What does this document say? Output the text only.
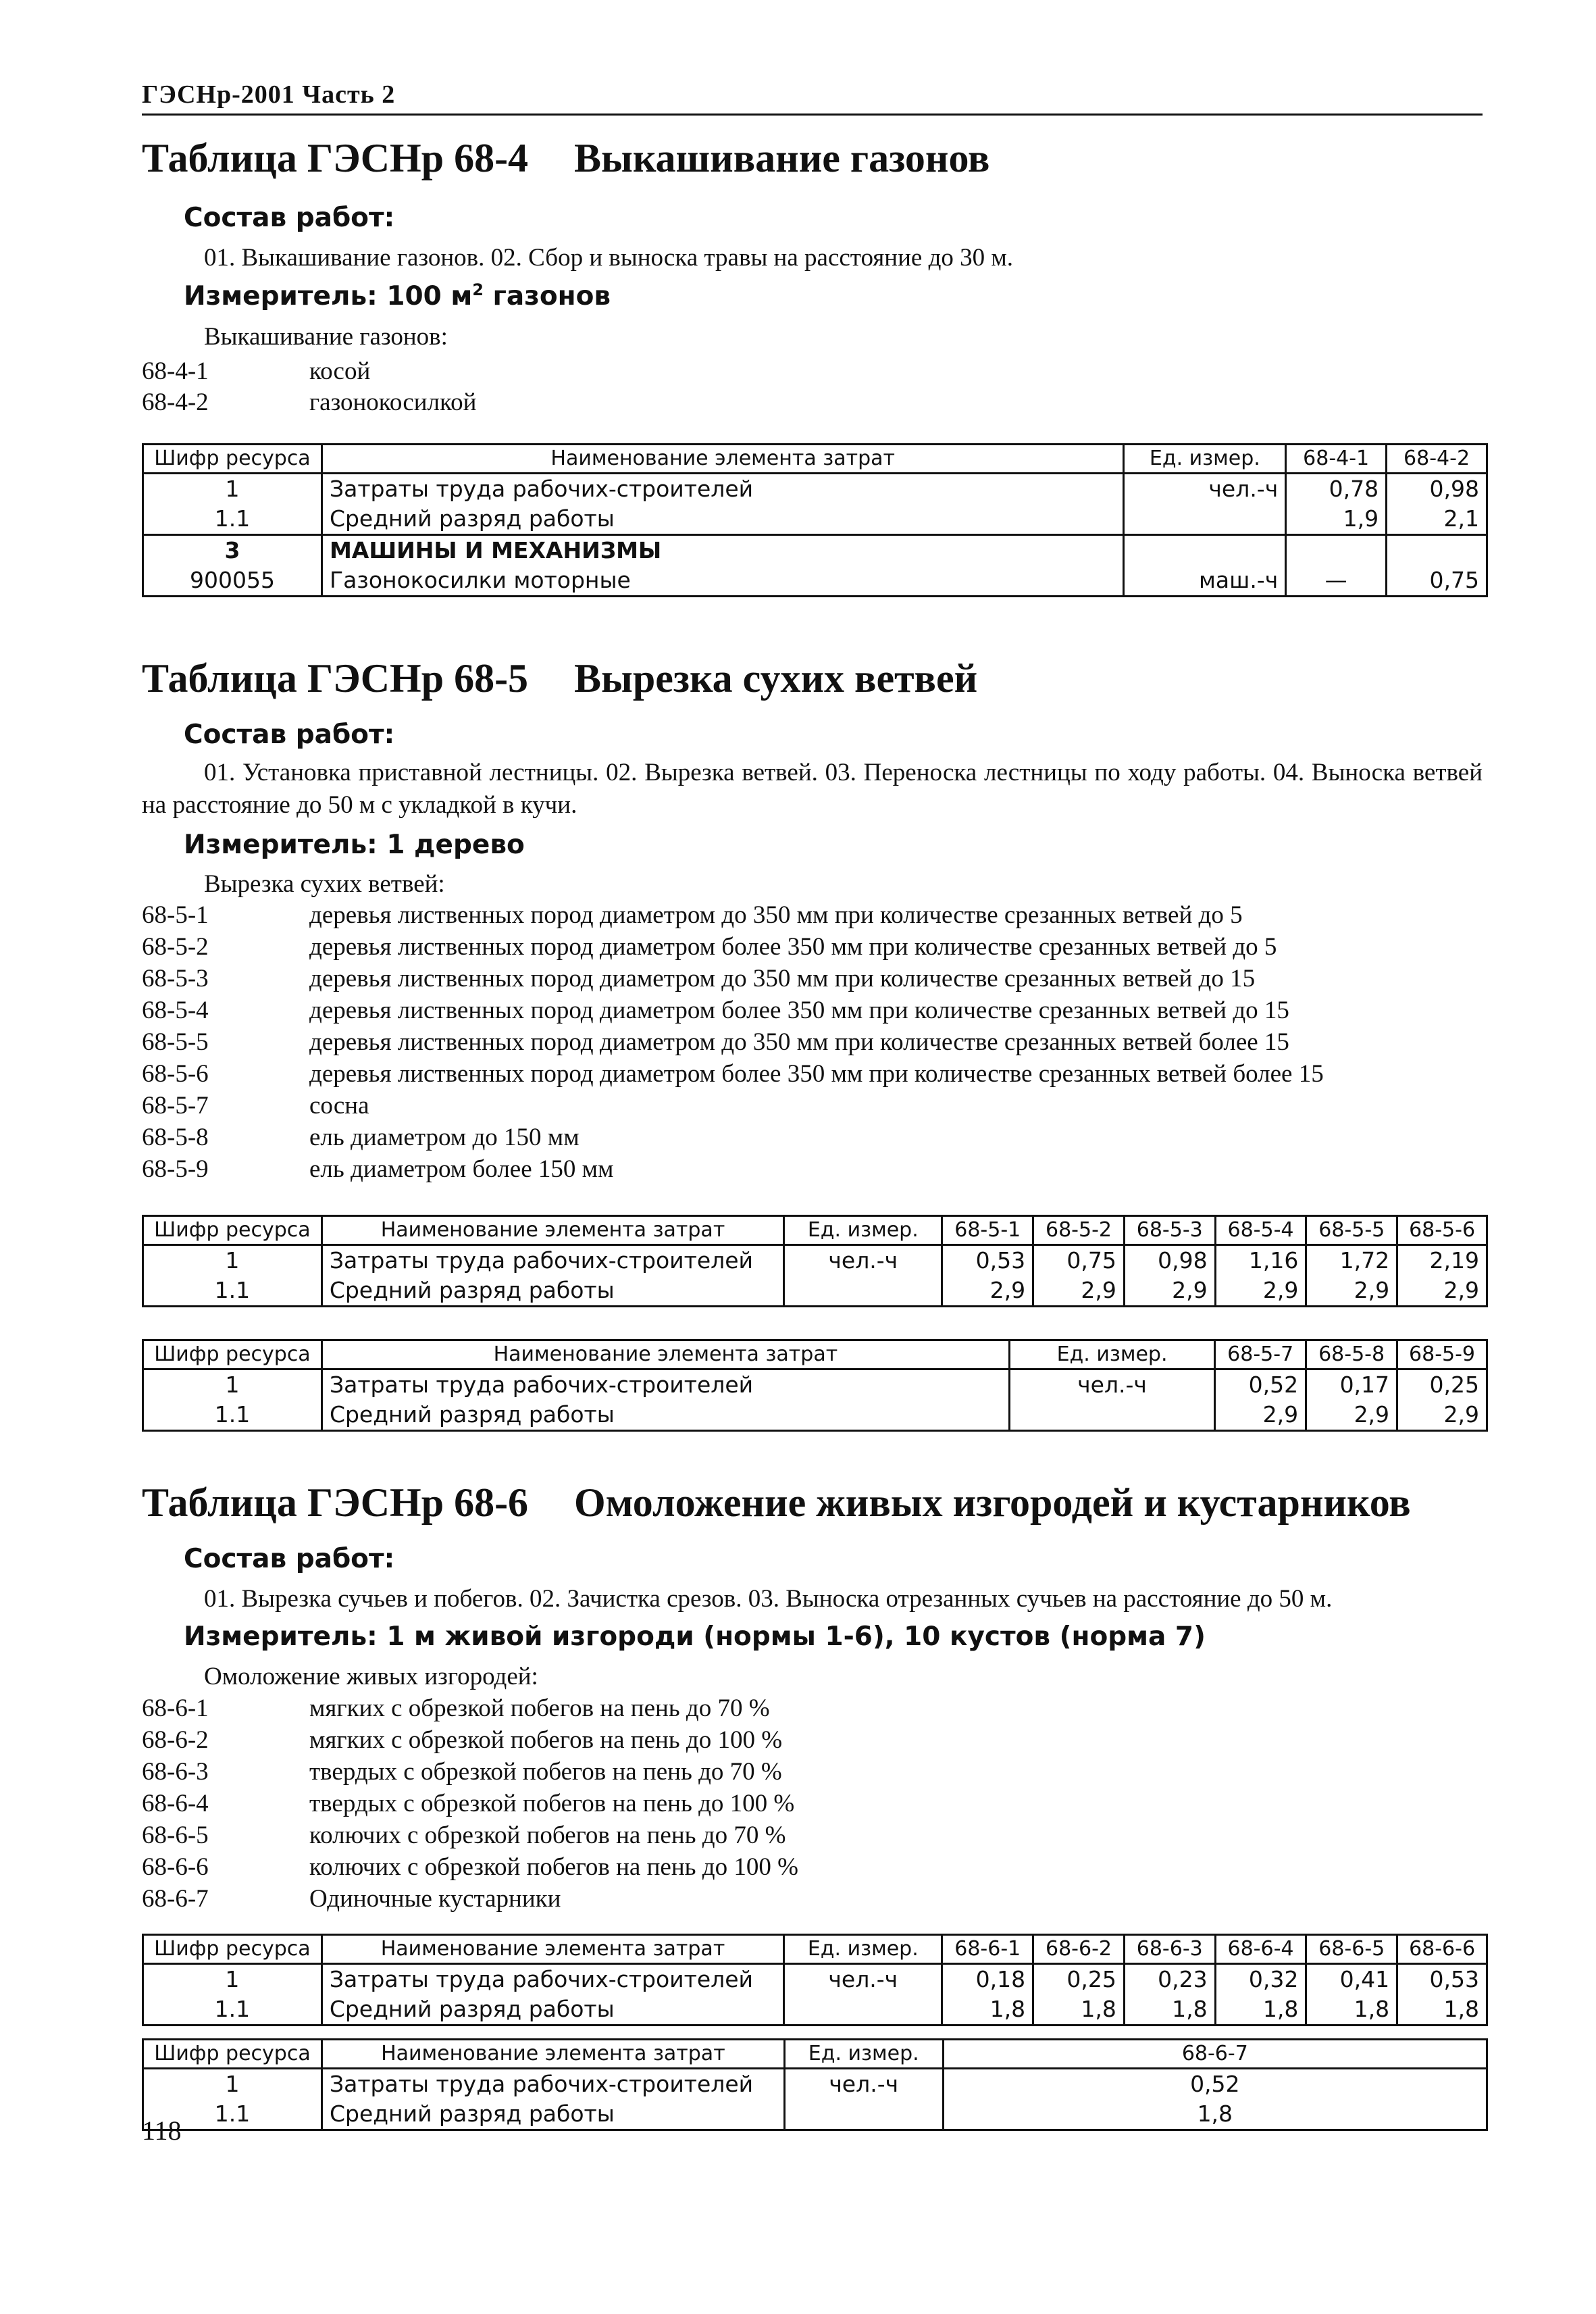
ГЭСНр-2001 Часть 2
Таблица ГЭСНр 68-4 Выкашивание газонов
Состав работ:
01. Выкашивание газонов. 02. Сбор и выноска травы на расстояние до 30 м.
Измеритель: 100 $м^2$ газонов
Выкашивание газонов:
68-4-1	косой
68-4-2	газонокосилкой
Шифр ресурса	Наименование элемента затрат	Ед. измер.	68-4-1	68-4-2
1	Затраты труда рабочих-строителей	чел.-ч	0,78	0,98
1.1	Средний разряд работы		1,9	2,1
3	МАШИНЫ И МЕХАНИЗМЫ			
900055	Газонокосилки моторные	маш.-ч	—	0,75
Таблица ГЭСНр 68-5 Вырезка сухих ветвей
Состав работ:
01. Установка приставной лестницы. 02. Вырезка ветвей. 03. Переноска лестницы по ходу работы. 04. Выноска ветвей на расстояние до 50 м с укладкой в кучи.
Измеритель: 1 дерево
Вырезка сухих ветвей:
68-5-1	деревья лиственных пород диаметром до 350 мм при количестве срезанных ветвей до 5
68-5-2	деревья лиственных пород диаметром более 350 мм при количестве срезанных ветвей до 5
68-5-3	деревья лиственных пород диаметром до 350 мм при количестве срезанных ветвей до 15
68-5-4	деревья лиственных пород диаметром более 350 мм при количестве срезанных ветвей до 15
68-5-5	деревья лиственных пород диаметром до 350 мм при количестве срезанных ветвей более 15
68-5-6	деревья лиственных пород диаметром более 350 мм при количестве срезанных ветвей более 15
68-5-7	сосна
68-5-8	ель диаметром до 150 мм
68-5-9	ель диаметром более 150 мм
Шифр ресурса	Наименование элемента затрат	Ед. измер.	68-5-1	68-5-2	68-5-3	68-5-4	68-5-5	68-5-6
1	Затраты труда рабочих-строителей	чел.-ч	0,53	0,75	0,98	1,16	1,72	2,19
1.1	Средний разряд работы		2,9	2,9	2,9	2,9	2,9	2,9
Шифр ресурса	Наименование элемента затрат	Ед. измер.	68-5-7	68-5-8	68-5-9
1	Затраты труда рабочих-строителей	чел.-ч	0,52	0,17	0,25
1.1	Средний разряд работы		2,9	2,9	2,9
Таблица ГЭСНр 68-6 Омоложение живых изгородей и кустарников
Состав работ:
01. Вырезка сучьев и побегов. 02. Зачистка срезов. 03. Выноска отрезанных сучьев на расстояние до 50 м.
Измеритель: 1 м живой изгороди (нормы 1-6), 10 кустов (норма 7)
Омоложение живых изгородей:
68-6-1	мягких с обрезкой побегов на пень до 70 %
68-6-2	мягких с обрезкой побегов на пень до 100 %
68-6-3	твердых с обрезкой побегов на пень до 70 %
68-6-4	твердых с обрезкой побегов на пень до 100 %
68-6-5	колючих с обрезкой побегов на пень до 70 %
68-6-6	колючих с обрезкой побегов на пень до 100 %
68-6-7	Одиночные кустарники
Шифр ресурса	Наименование элемента затрат	Ед. измер.	68-6-1	68-6-2	68-6-3	68-6-4	68-6-5	68-6-6
1	Затраты труда рабочих-строителей	чел.-ч	0,18	0,25	0,23	0,32	0,41	0,53
1.1	Средний разряд работы		1,8	1,8	1,8	1,8	1,8	1,8
Шифр ресурса	Наименование элемента затрат	Ед. измер.	68-6-7
1	Затраты труда рабочих-строителей	чел.-ч	0,52
1.1	Средний разряд работы		1,8
118
